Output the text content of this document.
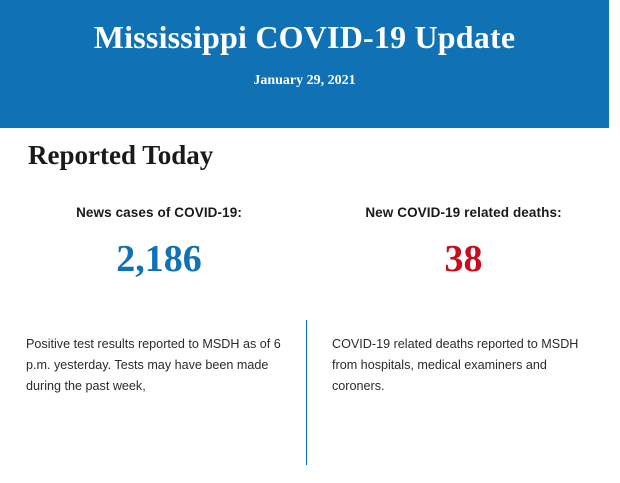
Mississippi COVID-19 Update

January 29, 2021

Reported Today
News cases of COVID-19:
2,186
Positive test results reported to MSDH as of 6 p.m. yesterday. Tests may have been made during the past week,
New COVID-19 related deaths:
38
COVID-19 related deaths reported to MSDH from hospitals, medical examiners and coroners.
